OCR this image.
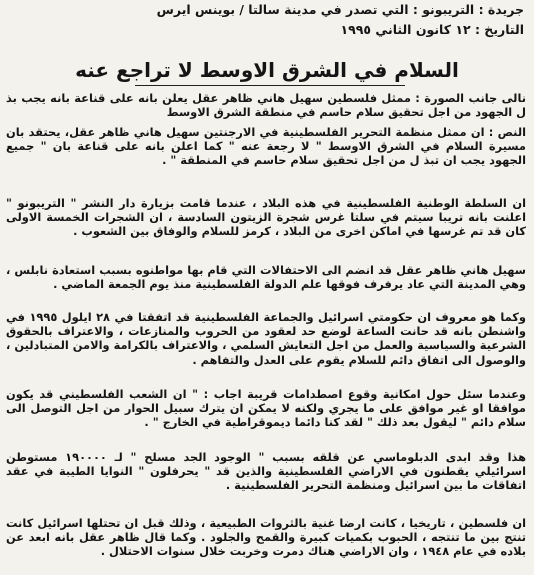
جريدة : التريبونو : التي تصدر في مدينة سالتا / بوينس ايرس
التاريخ : ١٢ كانون الثاني ١٩٩٥
السلام في الشرق الاوسط لا تراجع عنه
نالى جانب الصورة : ممثل فلسطين سهيل هاني ظاهر عقل يعلن بانه على قناعة بانه يجب بذ ل الجهود من اجل تحقيق سلام حاسم في منطقة الشرق الاوسط
النص : ان ممثل منظمة التحرير الفلسطينية في الارجنتين سهيل هاني ظاهر عقل، يحتقد بان مسيرة السلام في الشرق الاوسط " لا رجعة عنه " كما اعلن بانه على قناعة بان " جميع الجهود يجب ان تبذ ل من اجل تحقيق سلام حاسم في المنطقة " .
ان السلطة الوطنية الفلسطينية في هذه البلاد ، عندما قامت بزيارة دار النشر " التريبونو " اعلنت بانه تريبا سيتم في سلتا غرس شجرة الزيتون السادسة ، ان الشجرات الخمسة الاولى كان قد تم غرسها في اماكن اخرى من البلاد ، كرمز للسلام والوفاق بين الشعوب .
سهيل هاني ظاهر عقل قد انضم الى الاحتفالات التي قام بها مواطنوه بسبب استعادة نابلس ، وهي المدينة التي عاد يرفرف فوقها علم الدولة الفلسطينية منذ يوم الجمعة الماضي .
وكما هو معروف ان حكومتي اسرائيل والجماعة الفلسطينية قد اتفقتا في ٢٨ ايلول ١٩٩٥ في واشنطن بانه قد حانت الساعة لوضع حد لعقود من الحروب والمنازعات ، والاعتراف بالحقوق الشرعية والسياسية والعمل من اجل التعايش السلمي ، والاعتراف بالكرامة والامن المتبادلين ، والوصول الى اتفاق دائم للسلام يقوم على العدل والتفاهم .
وعندما سئل حول امكانية وقوع اصطدامات قريبة اجاب : " ان الشعب الفلسطيني قد يكون موافقا او غير موافق على ما يجري ولكنه لا يمكن ان يترك سبيل الحوار من اجل التوصل الى سلام دائم " ليقول بعد ذلك " لقد كنا دائما ديموقراطية في الخارج " .
هذا وقد ابدى الدبلوماسي عن قلقه بسبب " الوجود الجد مسلح " لـ ١٩٠٠٠٠ مستوطن اسرائيلي يقطنون في الاراضي الفلسطينية والذين قد " يحرفلون " النوايا الطيبة في عقد اتفاقات ما بين اسرائيل ومنظمة التحرير الفلسطينية .
ان فلسطين ، تاريخيا ، كانت ارضا غنية بالثروات الطبيعية ، وذلك قبل ان تحتلها اسرائيل كانت تنتج بين ما تنتجه ، الحبوب بكميات كبيرة والقمح والجلود . وكما قال ظاهر عقل بانه ابعد عن بلاده في عام ١٩٤٨ ، وان الاراضي هناك دمرت وخربت خلال سنوات الاحتلال .
